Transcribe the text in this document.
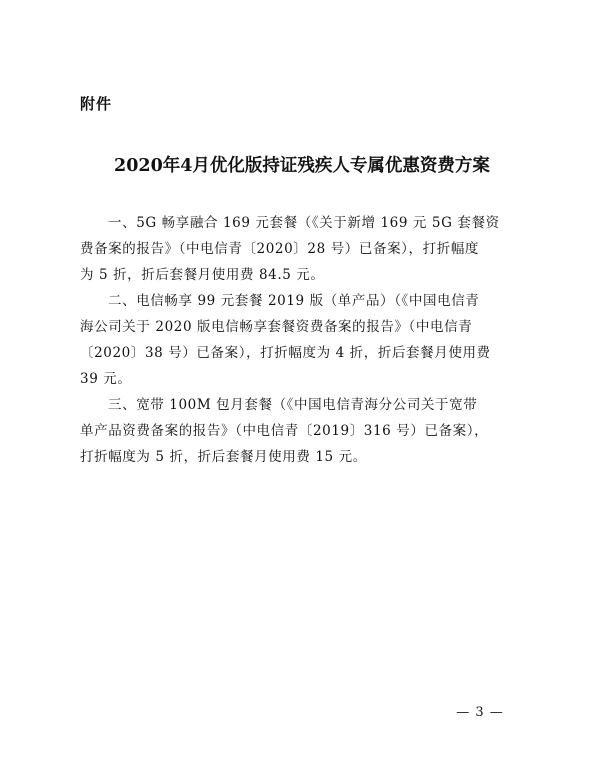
附件
2020年4月优化版持证残疾人专属优惠资费方案
一、5G 畅享融合 169 元套餐（《关于新增 169 元 5G 套餐资
费备案的报告》（中电信青〔2020〕28 号）已备案），打折幅度
为 5 折，折后套餐月使用费 84.5 元。
二、电信畅享 99 元套餐 2019 版（单产品）（《中国电信青
海公司关于 2020 版电信畅享套餐资费备案的报告》（中电信青
〔2020〕38 号）已备案），打折幅度为 4 折，折后套餐月使用费
39 元。
三、宽带 100M 包月套餐（《中国电信青海分公司关于宽带
单产品资费备案的报告》（中电信青〔2019〕316 号）已备案），
打折幅度为 5 折，折后套餐月使用费 15 元。
— 3 —
